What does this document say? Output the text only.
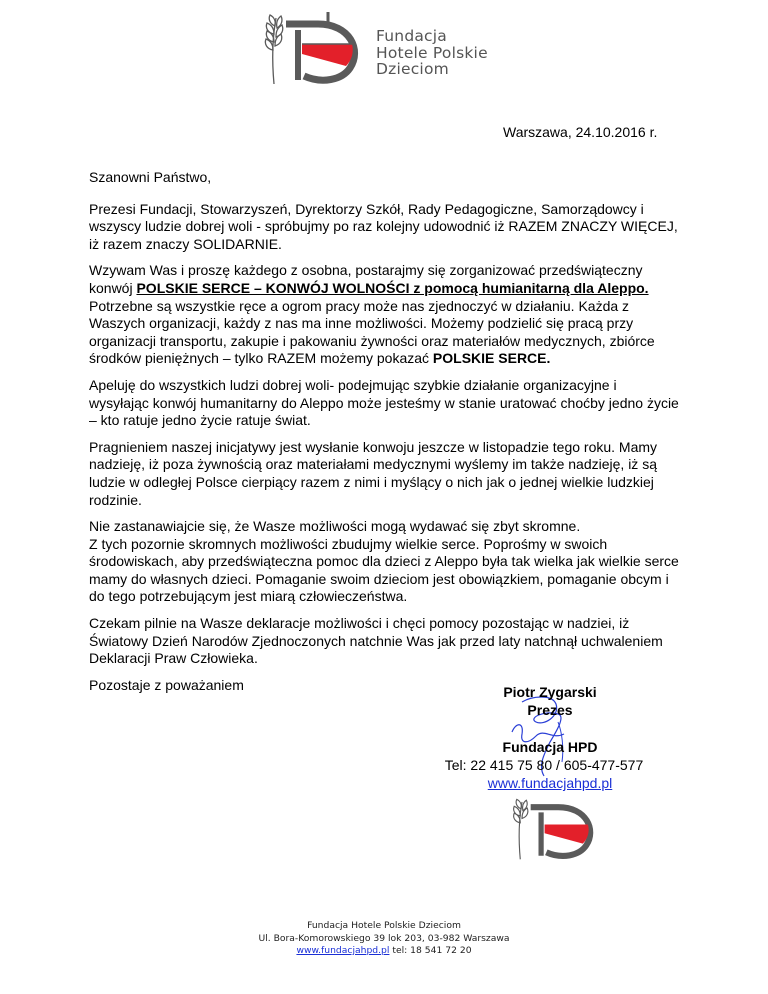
Fundacja
Hotele Polskie
Dzieciom
Warszawa, 24.10.2016 r.

Szanowni Państwo,

Prezesi Fundacji, Stowarzyszeń, Dyrektorzy Szkół, Rady Pedagogiczne, Samorządowcy i wszyscy ludzie dobrej woli - spróbujmy po raz kolejny udowodnić iż RAZEM ZNACZY WIĘCEJ, iż razem znaczy SOLIDARNIE.

Wzywam Was i proszę każdego z osobna, postarajmy się zorganizować przedświąteczny konwój POLSKIE SERCE – KONWÓJ WOLNOŚCI z pomocą humianitarną dla Aleppo. Potrzebne są wszystkie ręce a ogrom pracy może nas zjednoczyć w działaniu. Każda z Waszych organizacji, każdy z nas ma inne możliwości. Możemy podzielić się pracą przy organizacji transportu, zakupie i pakowaniu żywności oraz materiałów medycznych, zbiórce środków pieniężnych – tylko RAZEM możemy pokazać POLSKIE SERCE.

Apeluję do wszystkich ludzi dobrej woli- podejmując szybkie działanie organizacyjne i wysyłając konwój humanitarny do Aleppo może jesteśmy w stanie uratować choćby jedno życie – kto ratuje jedno życie ratuje świat.

Pragnieniem naszej inicjatywy jest wysłanie konwoju jeszcze w listopadzie tego roku. Mamy nadzieję, iż poza żywnością oraz materiałami medycznymi wyślemy im także nadzieję, iż są ludzie w odległej Polsce cierpiący razem z nimi i myślący o nich jak o jednej wielkie ludzkiej rodzinie.

Nie zastanawiajcie się, że Wasze możliwości mogą wydawać się zbyt skromne.
Z tych pozornie skromnych możliwości zbudujmy wielkie serce. Poprośmy w swoich środowiskach, aby przedświąteczna pomoc dla dzieci z Aleppo była tak wielka jak wielkie serce mamy do własnych dzieci. Pomaganie swoim dzieciom jest obowiązkiem, pomaganie obcym i do tego potrzebującym jest miarą człowieczeństwa.

Czekam pilnie na Wasze deklaracje możliwości i chęci pomocy pozostając w nadziei, iż Światowy Dzień Narodów Zjednoczonych natchnie Was jak przed laty natchnął uchwaleniem Deklaracji Praw Człowieka.

Pozostaje z poważaniem	Piotr Zygarski
Prezes
Fundacja HPD
Tel: 22 415 75 80 / 605-477-577
www.fundacjahpd.pl
Fundacja Hotele Polskie Dzieciom
Ul. Bora-Komorowskiego 39 lok 203, 03-982 Warszawa
www.fundacjahpd.pl tel: 18 541 72 20
